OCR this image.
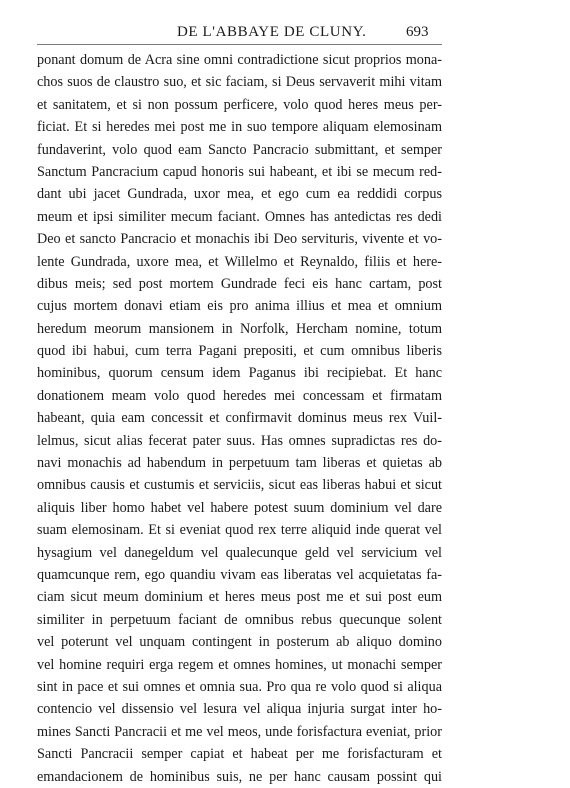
DE L'ABBAYE DE CLUNY.	693
ponant domum de Acra sine omni contradictione sicut proprios mona-
chos suos de claustro suo, et sic faciam, si Deus servaverit mihi vitam
et sanitatem, et si non possum perficere, volo quod heres meus per-
ficiat. Et si heredes mei post me in suo tempore aliquam elemosinam
fundaverint, volo quod eam Sancto Pancracio submittant, et semper
Sanctum Pancracium capud honoris sui habeant, et ibi se mecum red-
dant ubi jacet Gundrada, uxor mea, et ego cum ea reddidi corpus
meum et ipsi similiter mecum faciant. Omnes has antedictas res dedi
Deo et sancto Pancracio et monachis ibi Deo servituris, vivente et vo-
lente Gundrada, uxore mea, et Willelmo et Reynaldo, filiis et here-
dibus meis; sed post mortem Gundrade feci eis hanc cartam, post
cujus mortem donavi etiam eis pro anima illius et mea et omnium
heredum meorum mansionem in Norfolk, Hercham nomine, totum
quod ibi habui, cum terra Pagani prepositi, et cum omnibus liberis
hominibus, quorum censum idem Paganus ibi recipiebat. Et hanc
donationem meam volo quod heredes mei concessam et firmatam
habeant, quia eam concessit et confirmavit dominus meus rex Vuil-
lelmus, sicut alias fecerat pater suus. Has omnes supradictas res do-
navi monachis ad habendum in perpetuum tam liberas et quietas ab
omnibus causis et custumis et serviciis, sicut eas liberas habui et sicut
aliquis liber homo habet vel habere potest suum dominium vel dare
suam elemosinam. Et si eveniat quod rex terre aliquid inde querat vel
hysagium vel danegeldum vel qualecunque geld vel servicium vel
quamcunque rem, ego quandiu vivam eas liberatas vel acquietatas fa-
ciam sicut meum dominium et heres meus post me et sui post eum
similiter in perpetuum faciant de omnibus rebus quecunque solent
vel poterunt vel unquam contingent in posterum ab aliquo domino
vel homine requiri erga regem et omnes homines, ut monachi semper
sint in pace et sui omnes et omnia sua. Pro qua re volo quod si aliqua
contencio vel dissensio vel lesura vel aliqua injuria surgat inter ho-
mines Sancti Pancracii et me vel meos, unde forisfactura eveniat, prior
Sancti Pancracii semper capiat et habeat per me forisfacturam et
emandacionem de hominibus suis, ne per hanc causam possint qui
